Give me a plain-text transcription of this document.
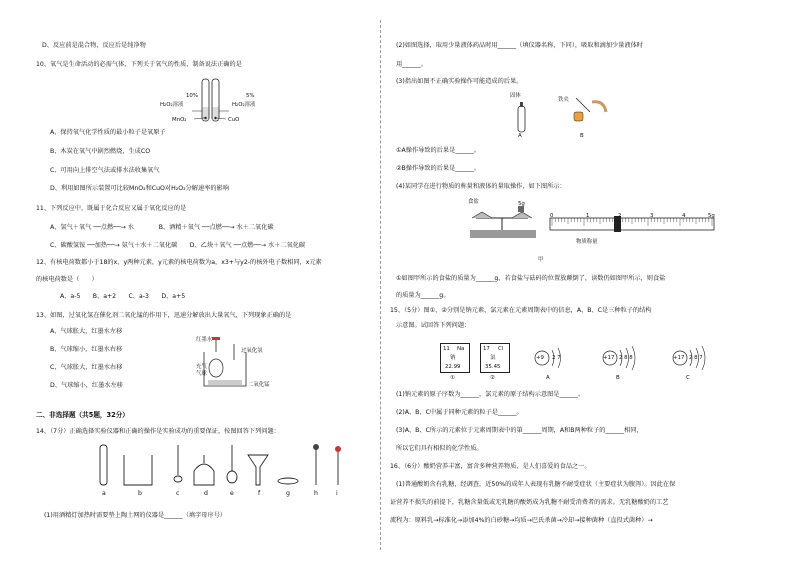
D、反应前是混合物，反应后是纯净物
10、氧气是生命活动的必需气体，下列关于氧气的性质、制备说法正确的是
10%
H₂O₂溶液
MnO₂
5%
H₂O₂溶液
CuO
A、保持氧气化学性质的最小粒子是氧原子
B、木炭在氧气中剧烈燃烧，生成CO
C、可用向上排空气法或排水法收集氧气
D、利用如图所示装置可比较MnO₂和CuO对H₂O₂分解速率的影响
11、下列反应中，既属于化合反应又属于氧化反应的是
A、氢气＋氧气 ──点燃──→ 水　　　　B、酒精＋氧气 ──点燃──→ 水＋二氧化碳
C、碳酸氢铵 ──加热──→ 氨气＋水＋二氧化碳　　D、乙炔＋氧气 ──点燃──→ 水＋二氧化碳
12、有核电荷数都小于18的x、y两种元素，y元素的核电荷数为a，x3+与y2-的核外电子数相同，x元素
的核电荷数是（　　）
A、a-5　　B、a+2　　C、a-3　　D、a+5
13、如图，过氧化氢在催化剂二氧化锰的作用下，迅速分解放出大量氧气，下列现象正确的是
A、气球胀大，红墨水左移
B、气球缩小，红墨水右移
C、气球胀大，红墨水右移
D、气球缩小，红墨水左移
红墨水
过氧化氢
充气
气球
二氧化锰
二、非选择题（共5题，32分）
14、（7分）正确选择实验仪器和正确的操作是实验成功的重要保证，按图回答下列问题：
a	b	c	d	e	f	g	h	i
(1)用酒精灯加热时需要垫上陶土网的仪器是______（填字母序号）
(2)如图选择，取用少量液体药品时用______（填仪器名称，下同），吸取和滴加少量液体时
用______。
(3)指出如图不正确实验操作可能造成的后果。
固体
铁夹
A	B
①A操作导致的后果是______。
②B操作导致的后果是______。
(4)某同学在进行物质的称量和液体的量取操作，如下图所示：
食盐	5g
0	1	2	3	4	5g
物质称量
甲
①如图甲所示的食盐的质量为______g，若食盐与砝码的位置放颠倒了，读数仍如图甲所示，则食盐
的质量为______g。
15、（5分）图①、②分别是钠元素、氯元素在元素周期表中的信息，A、B、C是三种粒子的结构
示意图。试回答下列问题：
11 Na
钠
22.99
①
17 Cl
氯
35.45
②
+9 2 7
A
+17 2 8 8
B
+17 2 8 7
C
(1)钠元素的原子序数为______，氯元素的原子结构示意图是______。
(2)A、B、C中属于同种元素的粒子是______。
(3)A、B、C所示的元素位于元素周期表中的第______周期，A和B两种粒子的______相同，
所以它们具有相似的化学性质。
16、（6分）酸奶营养丰富，富含多种营养物质，是人们喜爱的食品之一。
(1)普通酸奶含有乳糖，经调查，近50%的成年人表现有乳糖不耐受症状（主要症状为腹泻）。因此在保
证营养不损失的前提下，乳糖含量低或无乳糖的酸奶成为乳糖不耐受消费者的需求。无乳糖酸奶的工艺
流程为：原料乳→标准化→添加4%的白砂糖→均质→巴氏杀菌→冷却→接种菌种（直投式菌种）→
